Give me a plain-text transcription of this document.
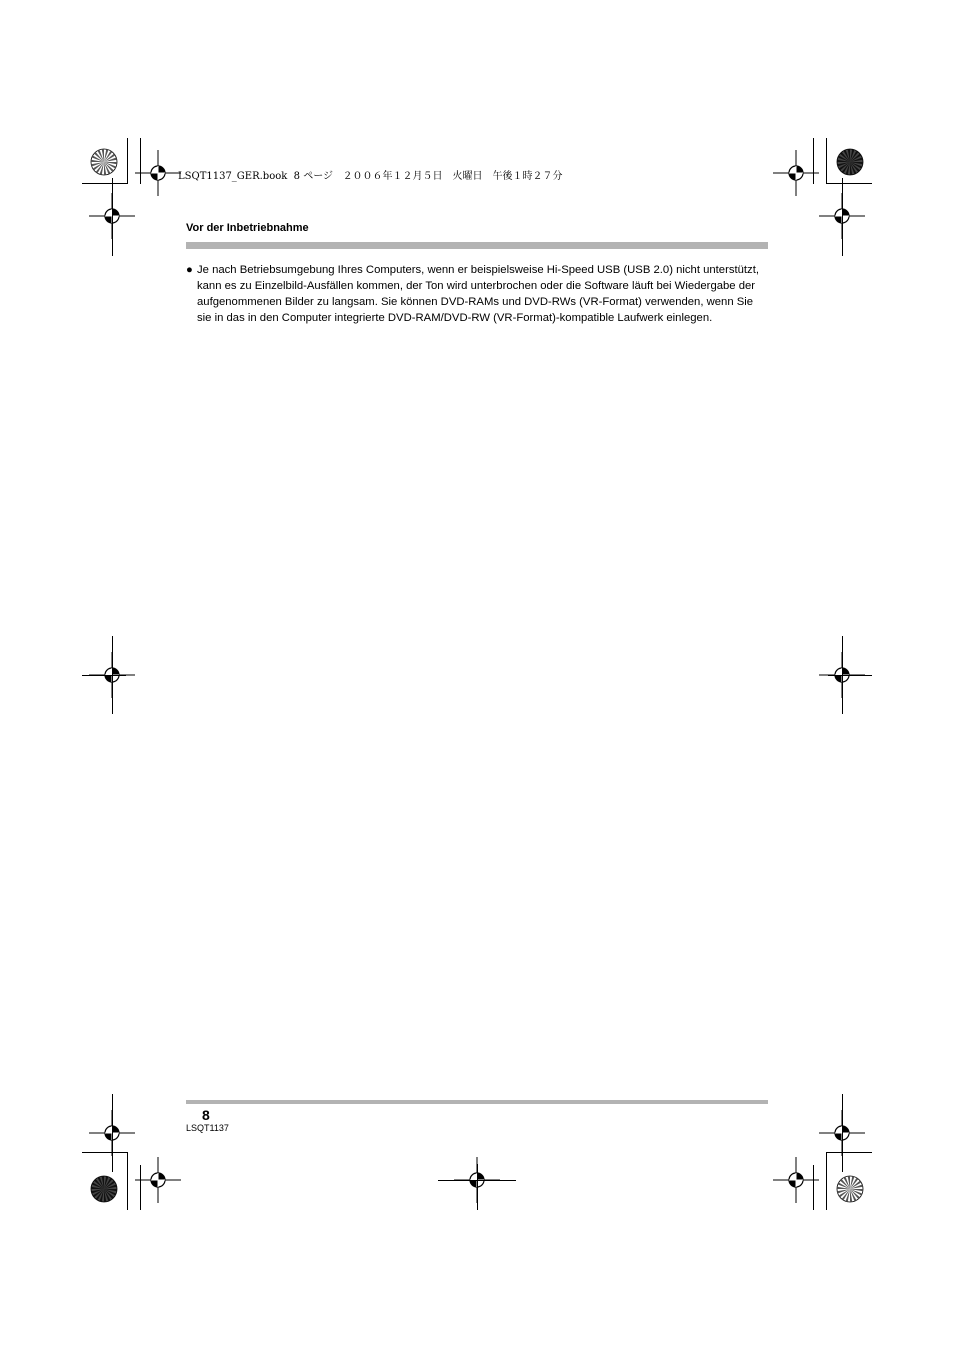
LSQT1137_GER.book 8 ページ ２００６年１２月５日　火曜日　午後１時２７分
Vor der Inbetriebnahme
● Je nach Betriebsumgebung Ihres Computers, wenn er beispielsweise Hi-Speed USB (USB 2.0) nicht unterstützt, kann es zu Einzelbild-Ausfällen kommen, der Ton wird unterbrochen oder die Software läuft bei Wiedergabe der aufgenommenen Bilder zu langsam. Sie können DVD-RAMs und DVD-RWs (VR-Format) verwenden, wenn Sie sie in das in den Computer integrierte DVD-RAM/DVD-RW (VR-Format)-kompatible Laufwerk einlegen.
8
LSQT1137
